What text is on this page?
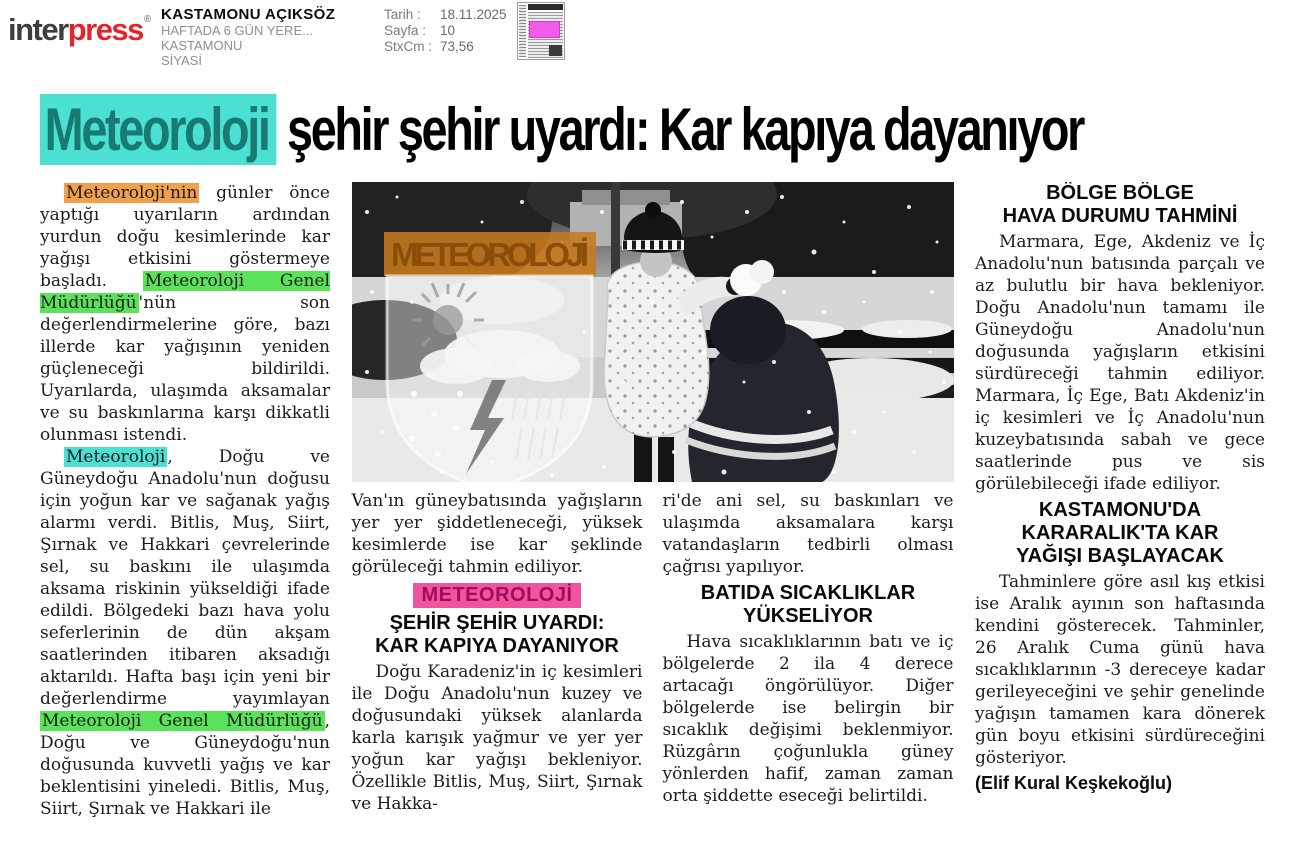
interpress® KASTAMONU AÇIKSÖZ
HAFTADA 6 GÜN YERE...
KASTAMONU
SİYASİ
Tarih : 18.11.2025
Sayfa : 10
StxCm : 73,56
Meteoroloji şehir şehir uyardı: Kar kapıya dayanıyor

Meteoroloji'nin günler önce yaptığı uyarıların ardından yurdun doğu kesimlerinde kar yağışı etkisini göstermeye başladı. Meteoroloji Genel Müdürlüğü 'nün son değerlendirmelerine göre, bazı illerde kar yağışının yeniden güçleneceği bildirildi. Uyarılarda, ulaşımda aksamalar ve su baskınlarına karşı dikkatli olunması istendi.

Meteoroloji , Doğu ve Güneydoğu Anadolu'nun doğusu için yoğun kar ve sağanak yağış alarmı verdi. Bitlis, Muş, Siirt, Şırnak ve Hakkari çevrelerinde sel, su baskını ile ulaşımda aksama riskinin yükseldiği ifade edildi. Bölgedeki bazı hava yolu seferlerinin de dün akşam saatlerinden itibaren aksadığı aktarıldı. Hafta başı için yeni bir değerlendirme yayımlayan Meteoroloji Genel Müdürlüğü , Doğu ve Güneydoğu'nun doğusunda kuvvetli yağış ve kar beklentisini yineledi. Bitlis, Muş, Siirt, Şırnak ve Hakkari ile

METEOROLOJİ

Van'ın güneybatısında yağışların yer yer şiddetleneceği, yüksek kesimlerde ise kar şeklinde görüleceği tahmin ediliyor.

METEOROLOJİ
ŞEHİR ŞEHİR UYARDI:
KAR KAPIYA DAYANIYOR

Doğu Karadeniz'in iç kesimleri ile Doğu Anadolu'nun kuzey ve doğusundaki yüksek alanlarda karla karışık yağmur ve yer yer yoğun kar yağışı bekleniyor. Özellikle Bitlis, Muş, Siirt, Şırnak ve Hakka-

ri'de ani sel, su baskınları ve ulaşımda aksamalara karşı vatandaşların tedbirli olması çağrısı yapılıyor.

BATIDA SICAKLIKLAR
YÜKSELİYOR

Hava sıcaklıklarının batı ve iç bölgelerde 2 ila 4 derece artacağı öngörülüyor. Diğer bölgelerde ise belirgin bir sıcaklık değişimi beklenmiyor. Rüzgârın çoğunlukla güney yönlerden hafif, zaman zaman orta şiddette eseceği belirtildi.

BÖLGE BÖLGE
HAVA DURUMU TAHMİNİ

Marmara, Ege, Akdeniz ve İç Anadolu'nun batısında parçalı ve az bulutlu bir hava bekleniyor. Doğu Anadolu'nun tamamı ile Güneydoğu Anadolu'nun doğusunda yağışların etkisini sürdüreceği tahmin ediliyor. Marmara, İç Ege, Batı Akdeniz'in iç kesimleri ve İç Anadolu'nun kuzeybatısında sabah ve gece saatlerinde pus ve sis görülebileceği ifade ediliyor.

KASTAMONU'DA
KARARALIK'TA KAR
YAĞIŞI BAŞLAYACAK

Tahminlere göre asıl kış etkisi ise Aralık ayının son haftasında kendini gösterecek. Tahminler, 26 Aralık Cuma günü hava sıcaklıklarının -3 dereceye kadar gerileyeceğini ve şehir genelinde yağışın tamamen kara dönerek gün boyu etkisini sürdüreceğini gösteriyor.

(Elif Kural Keşkekoğlu)
